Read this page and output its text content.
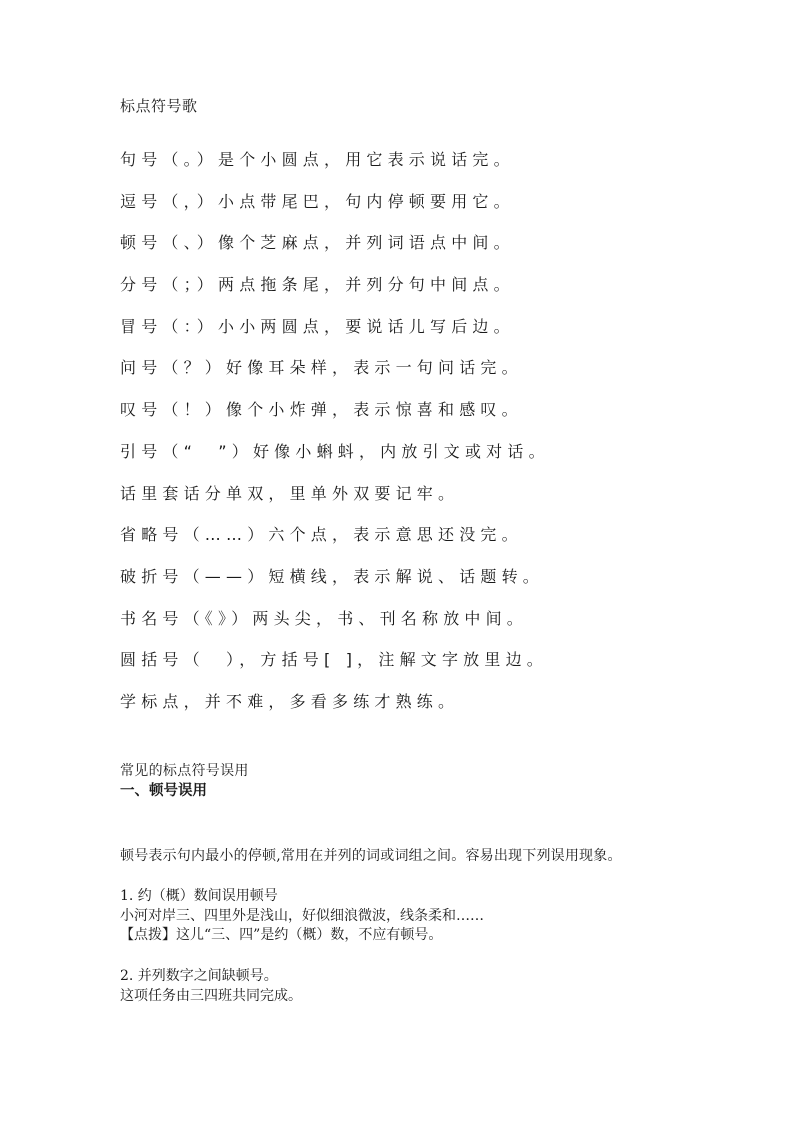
标点符号歌
句号（。）是个小圆点，用它表示说话完。
逗号（，）小点带尾巴，句内停顿要用它。
顿号（、）像个芝麻点，并列词语点中间。
分号（；）两点拖条尾，并列分句中间点。
冒号（：）小小两圆点，要说话儿写后边。
问号（？）好像耳朵样，表示一句问话完。
叹号（！）像个小炸弹，表示惊喜和感叹。
引号（“　”）好像小蝌蚪，内放引文或对话。
话里套话分单双，里单外双要记牢。
省略号（……）六个点，表示意思还没完。
破折号（——）短横线，表示解说、话题转。
书名号（《》）两头尖，书、刊名称放中间。
圆括号（　），方括号[ ]，注解文字放里边。
学标点，并不难，多看多练才熟练。
常见的标点符号误用
一、顿号误用
顿号表示句内最小的停顿,常用在并列的词或词组之间。容易出现下列误用现象。
1. 约（概）数间误用顿号
小河对岸三、四里外是浅山，好似细浪微波，线条柔和……
【点拨】这儿“三、四”是约（概）数，不应有顿号。
2. 并列数字之间缺顿号。
这项任务由三四班共同完成。
